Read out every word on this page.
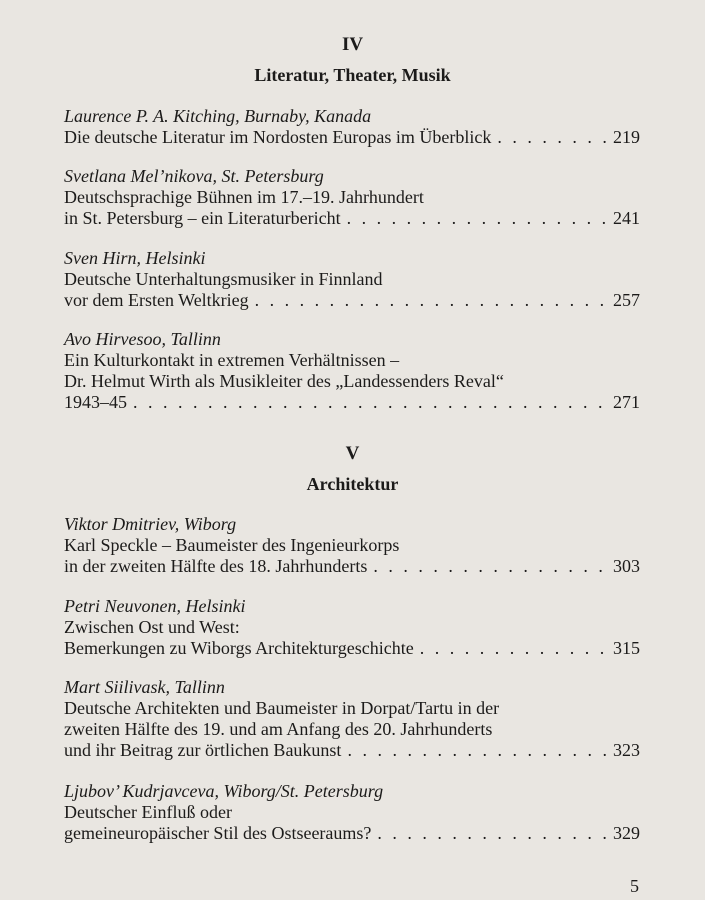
IV
Literatur, Theater, Musik
Laurence P. A. Kitching, Burnaby, Kanada
Die deutsche Literatur im Nordosten Europas im Überblick . . .	219
Svetlana Mel’nikova, St. Petersburg
Deutschsprachige Bühnen im 17.–19. Jahrhundert
in St. Petersburg – ein Literaturbericht . . .	241
Sven Hirn, Helsinki
Deutsche Unterhaltungsmusiker in Finnland
vor dem Ersten Weltkrieg . . .	257
Avo Hirvesoo, Tallinn
Ein Kulturkontakt in extremen Verhältnissen –
Dr. Helmut Wirth als Musikleiter des „Landessenders Reval“
1943–45 . . .	271
V
Architektur
Viktor Dmitriev, Wiborg
Karl Speckle – Baumeister des Ingenieurkorps
in der zweiten Hälfte des 18. Jahrhunderts . . .	303
Petri Neuvonen, Helsinki
Zwischen Ost und West:
Bemerkungen zu Wiborgs Architekturgeschichte . . .	315
Mart Siilivask, Tallinn
Deutsche Architekten und Baumeister in Dorpat/Tartu in der
zweiten Hälfte des 19. und am Anfang des 20. Jahrhunderts
und ihr Beitrag zur örtlichen Baukunst . . .	323
Ljubov’ Kudrjavceva, Wiborg/St. Petersburg
Deutscher Einfluß oder
gemeineuropäischer Stil des Ostseeraums? . . .	329
5
